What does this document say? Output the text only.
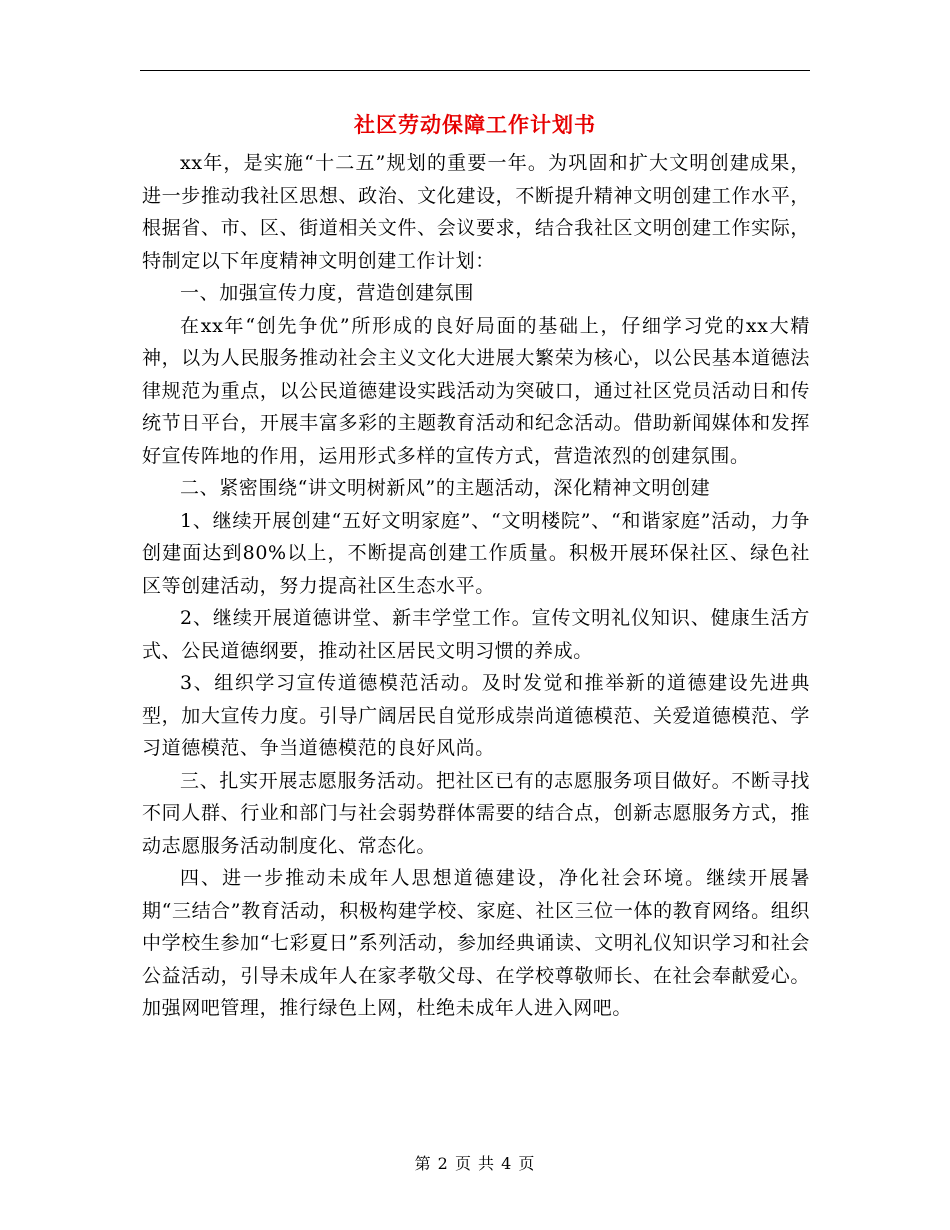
社区劳动保障工作计划书

xx年，是实施“十二五”规划的重要一年。为巩固和扩大文明创建成果，进一步推动我社区思想、政治、文化建设，不断提升精神文明创建工作水平，根据省、市、区、街道相关文件、会议要求，结合我社区文明创建工作实际，特制定以下年度精神文明创建工作计划：

一、加强宣传力度，营造创建氛围

在xx年“创先争优”所形成的良好局面的基础上，仔细学习党的xx大精神，以为人民服务推动社会主义文化大进展大繁荣为核心，以公民基本道德法律规范为重点，以公民道德建设实践活动为突破口，通过社区党员活动日和传统节日平台，开展丰富多彩的主题教育活动和纪念活动。借助新闻媒体和发挥好宣传阵地的作用，运用形式多样的宣传方式，营造浓烈的创建氛围。

二、紧密围绕“讲文明树新风”的主题活动，深化精神文明创建

1、继续开展创建“五好文明家庭”、“文明楼院”、“和谐家庭”活动，力争创建面达到80%以上，不断提高创建工作质量。积极开展环保社区、绿色社区等创建活动，努力提高社区生态水平。

2、继续开展道德讲堂、新丰学堂工作。宣传文明礼仪知识、健康生活方式、公民道德纲要，推动社区居民文明习惯的养成。

3、组织学习宣传道德模范活动。及时发觉和推举新的道德建设先进典型，加大宣传力度。引导广阔居民自觉形成崇尚道德模范、关爱道德模范、学习道德模范、争当道德模范的良好风尚。

三、扎实开展志愿服务活动。把社区已有的志愿服务项目做好。不断寻找不同人群、行业和部门与社会弱势群体需要的结合点，创新志愿服务方式，推动志愿服务活动制度化、常态化。

四、进一步推动未成年人思想道德建设，净化社会环境。继续开展暑期“三结合”教育活动，积极构建学校、家庭、社区三位一体的教育网络。组织中学校生参加“七彩夏日”系列活动，参加经典诵读、文明礼仪知识学习和社会公益活动，引导未成年人在家孝敬父母、在学校尊敬师长、在社会奉献爱心。加强网吧管理，推行绿色上网，杜绝未成年人进入网吧。

第 2 页 共 4 页
